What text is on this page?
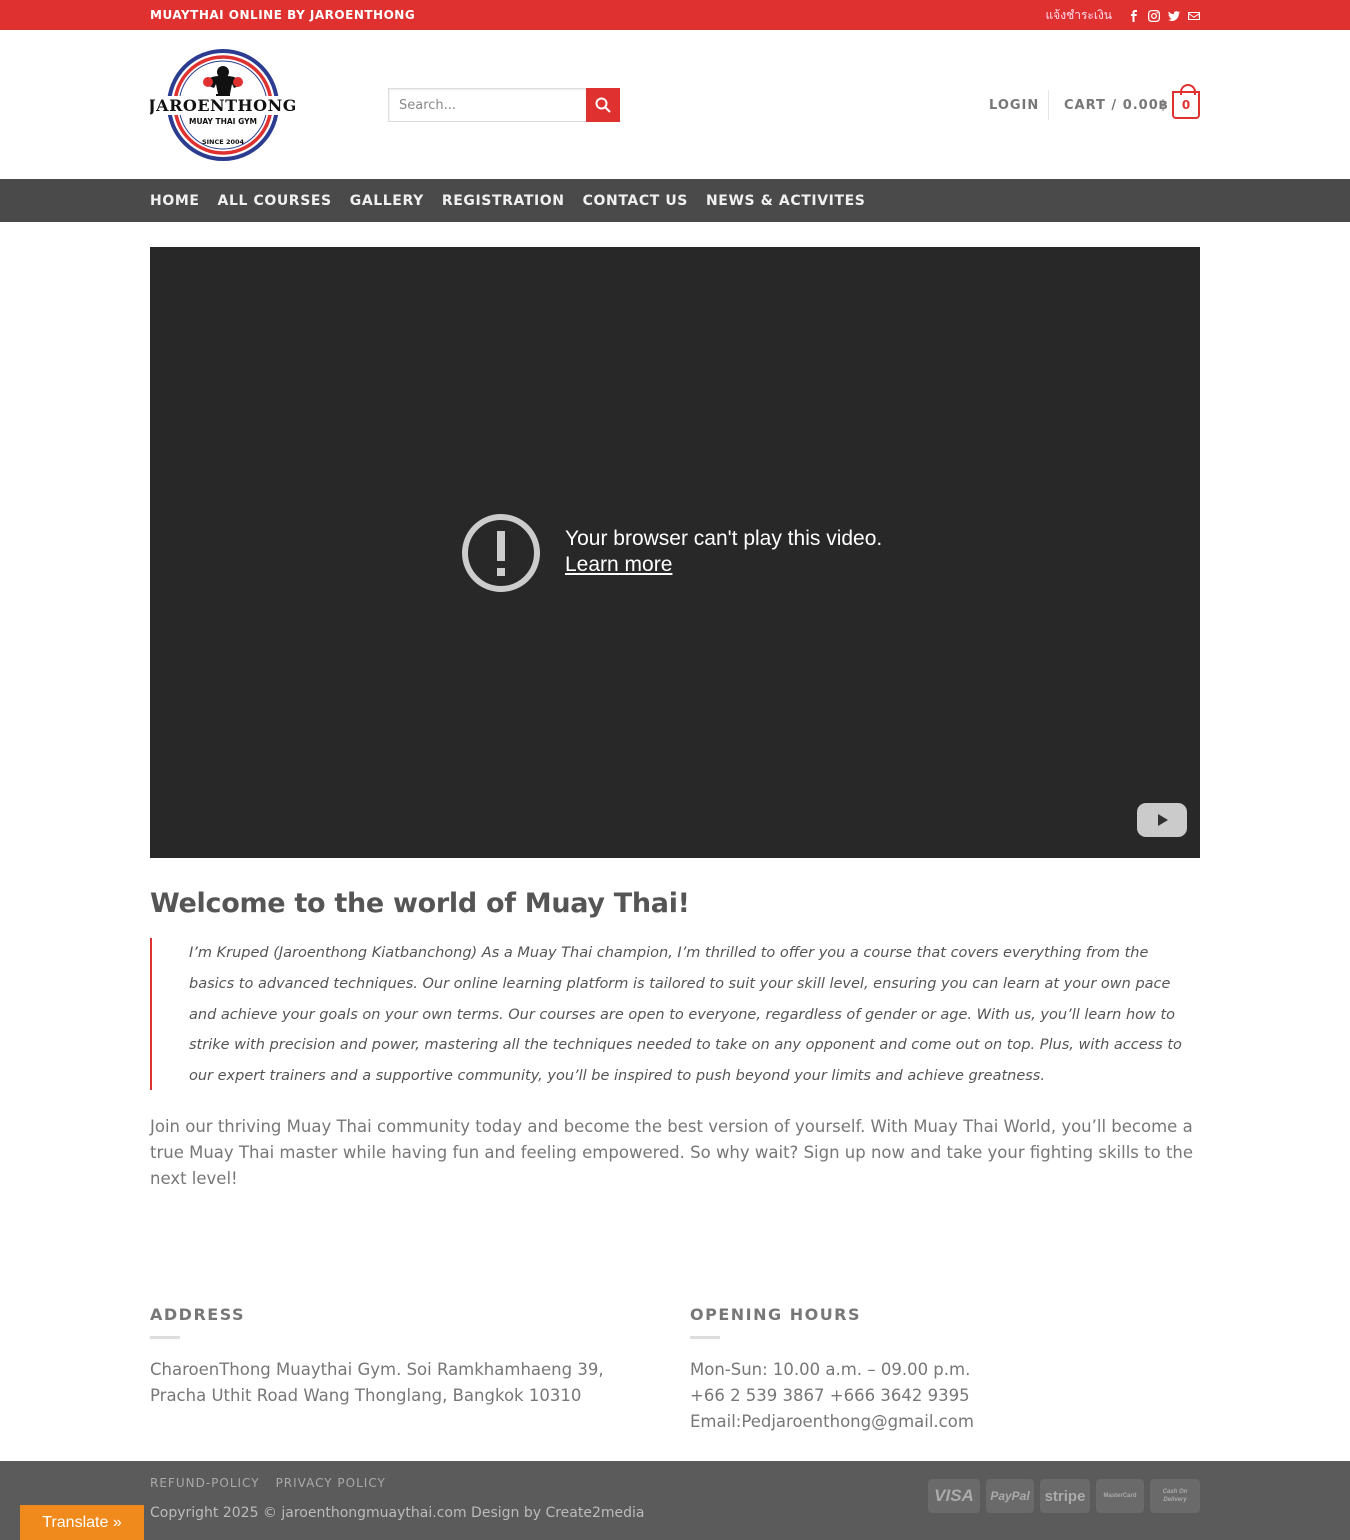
MUAYTHAI ONLINE BY JAROENTHONG	แจ้งชำระเงิน
JAROENTHONG
MUAY THAI GYM
SINCE 2004
Search...
LOGIN CART / 0.00฿	0
HOME ALL COURSES GALLERY REGISTRATION CONTACT US NEWS & ACTIVITES
Your browser can't play this video.
Learn more
Welcome to the world of Muay Thai!

I’m Kruped (Jaroenthong Kiatbanchong) As a Muay Thai champion, I’m thrilled to offer you a course that covers everything from the basics to advanced techniques. Our online learning platform is tailored to suit your skill level, ensuring you can learn at your own pace and achieve your goals on your own terms. Our courses are open to everyone, regardless of gender or age. With us, you’ll learn how to strike with precision and power, mastering all the techniques needed to take on any opponent and come out on top. Plus, with access to our expert trainers and a supportive community, you’ll be inspired to push beyond your limits and achieve greatness.

Join our thriving Muay Thai community today and become the best version of yourself. With Muay Thai World, you’ll become a true Muay Thai master while having fun and feeling empowered. So why wait? Sign up now and take your fighting skills to the next level!

ADDRESS
CharoenThong Muaythai Gym. Soi Ramkhamhaeng 39, Pracha Uthit Road Wang Thonglang, Bangkok 10310
OPENING HOURS
Mon-Sun: 10.00 a.m. – 09.00 p.m.
+66 2 539 3867 +666 3642 9395
Email:Pedjaroenthong@gmail.com
REFUND-POLICY PRIVACY POLICY
Copyright 2025 © jaroenthongmuaythai.com Design by Create2media
VISA	PayPal stripe	MasterCard
Cash On Delivery
Translate »
